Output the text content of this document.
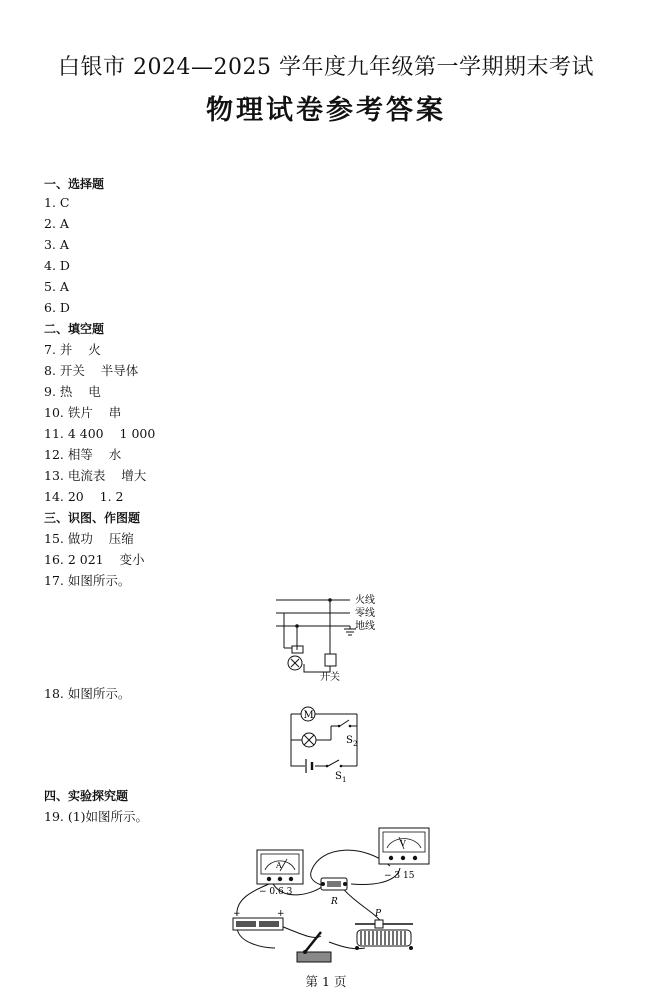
白银市 2024—2025 学年度九年级第一学期期末考试
物理试卷参考答案
一、选择题
1. C
2. A
3. A
4. D
5. A
6. D
二、填空题
7. 并    火
8. 开关    半导体
9. 热    电
10. 铁片    串
11. 4 400    1 000
12. 相等    水
13. 电流表    增大
14. 20    1. 2
三、识图、作图题
15. 做功    压缩
16. 2 021    变小
17. 如图所示。
火线
零线
地线
开关
18. 如图所示。
M
S 2
S 1
四、实验探究题
19. (1)如图所示。
A
− 0.6 3
V
− 3 15
R
−	+	P
第 1 页
